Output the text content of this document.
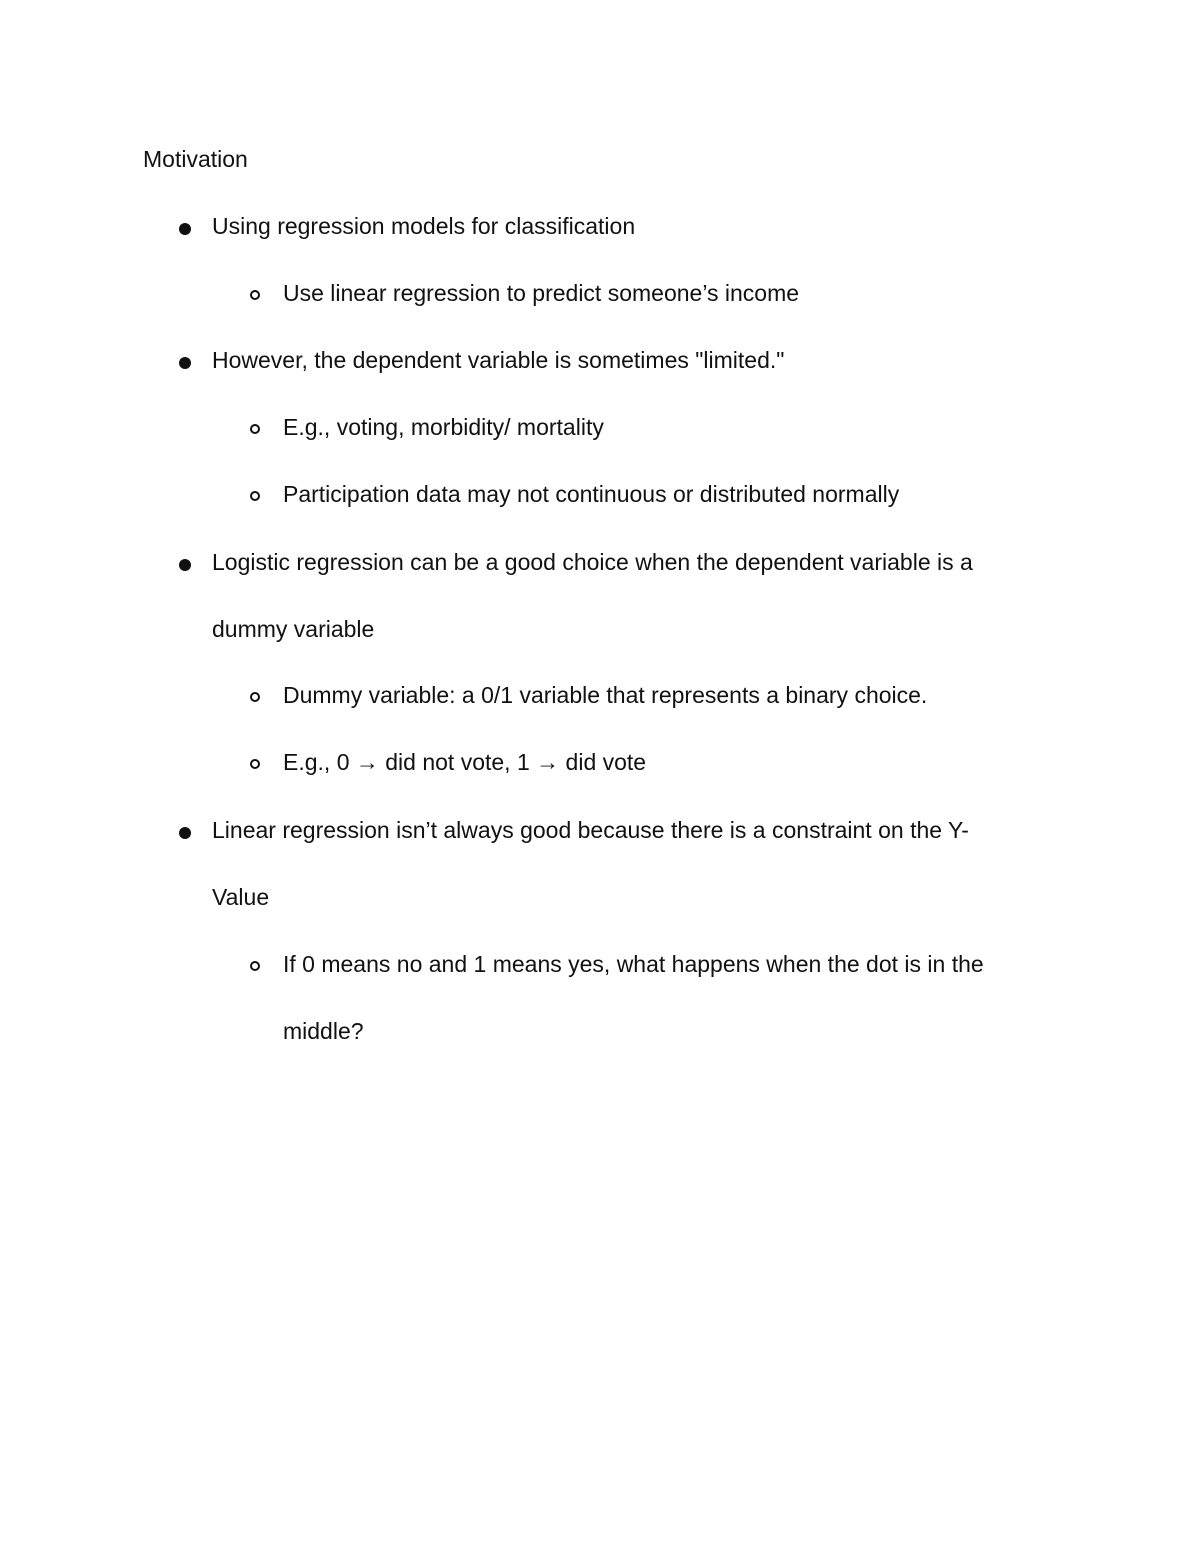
Motivation
Using regression models for classification
Use linear regression to predict someone’s income
However, the dependent variable is sometimes "limited."
E.g., voting, morbidity/ mortality
Participation data may not continuous or distributed normally
Logistic regression can be a good choice when the dependent variable is a
dummy variable
Dummy variable: a 0/1 variable that represents a binary choice.
E.g., 0 → did not vote, 1 → did vote
Linear regression isn’t always good because there is a constraint on the Y-
Value
If 0 means no and 1 means yes, what happens when the dot is in the
middle?
